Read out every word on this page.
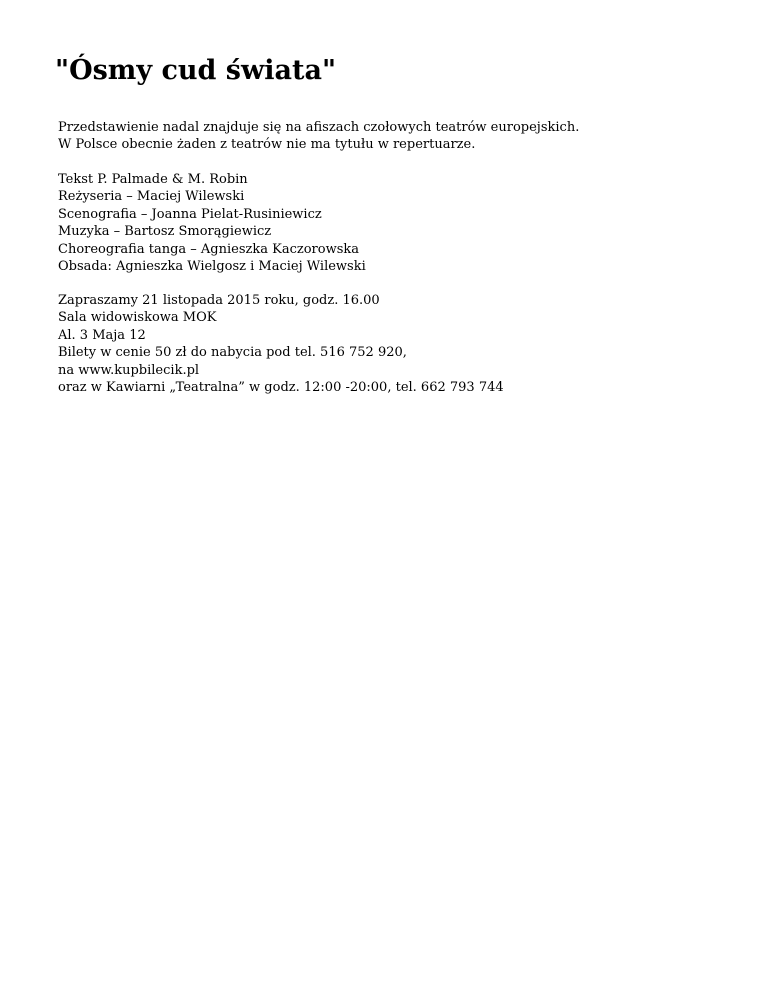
"Ósmy cud świata"

Przedstawienie nadal znajduje się na afiszach czołowych teatrów europejskich.
W Polsce obecnie żaden z teatrów nie ma tytułu w repertuarze.

Tekst P. Palmade & M. Robin
Reżyseria – Maciej Wilewski
Scenografia – Joanna Pielat-Rusiniewicz
Muzyka – Bartosz Smorągiewicz
Choreografia tanga – Agnieszka Kaczorowska
Obsada: Agnieszka Wielgosz i Maciej Wilewski

Zapraszamy 21 listopada 2015 roku, godz. 16.00
Sala widowiskowa MOK
Al. 3 Maja 12
Bilety w cenie 50 zł do nabycia pod tel. 516 752 920,
na www.kupbilecik.pl
oraz w Kawiarni „Teatralna” w godz. 12:00 -20:00, tel. 662 793 744
